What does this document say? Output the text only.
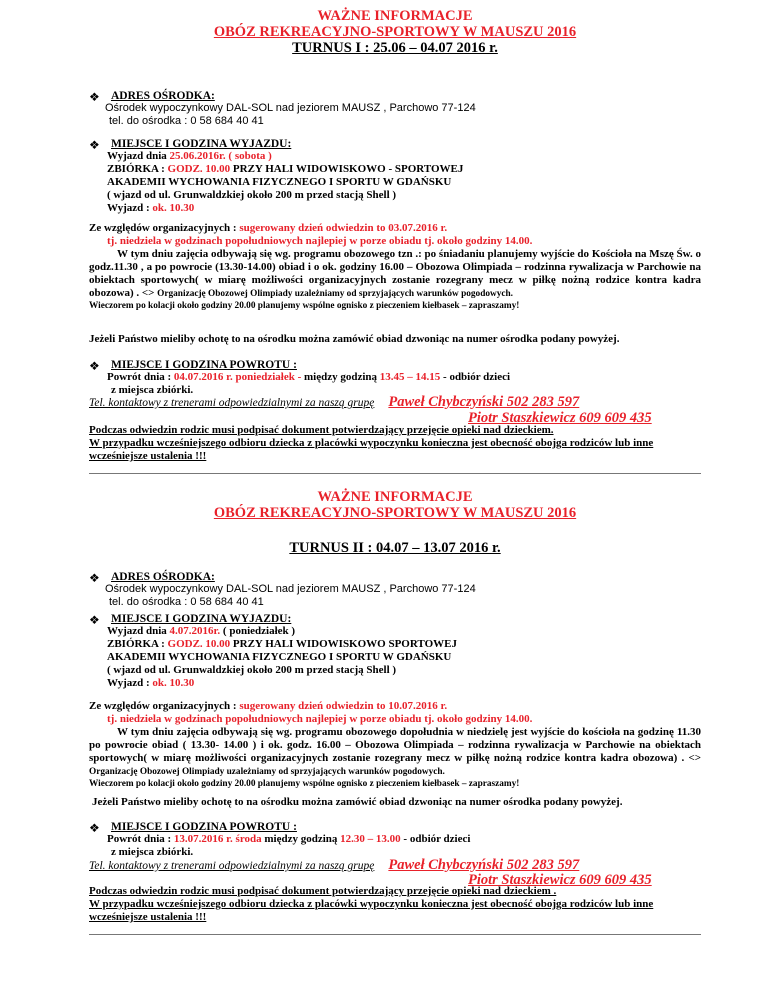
WAŻNE INFORMACJE
OBÓZ REKREACYJNO-SPORTOWY W MAUSZU 2016
TURNUS I : 25.06 – 04.07 2016 r.
❖ ADRES OŚRODKA:
Ośrodek wypoczynkowy DAL-SOL nad jeziorem MAUSZ , Parchowo 77-124
tel. do ośrodka : 0 58 684 40 41
❖ MIEJSCE I GODZINA WYJAZDU:
Wyjazd dnia 25.06.2016r. ( sobota )
ZBIÓRKA : GODZ. 10.00 PRZY HALI WIDOWISKOWO - SPORTOWEJ
AKADEMII WYCHOWANIA FIZYCZNEGO I SPORTU W GDAŃSKU
( wjazd od ul. Grunwaldzkiej około 200 m przed stacją Shell )
Wyjazd : ok. 10.30
Ze względów organizacyjnych : sugerowany dzień odwiedzin to 03.07.2016 r.
tj. niedziela w godzinach popołudniowych najlepiej w porze obiadu tj. około godziny 14.00.
W tym dniu zajęcia odbywają się wg. programu obozowego tzn .: po śniadaniu planujemy wyjście do Kościoła na Mszę Św. o godz.11.30 , a po powrocie (13.30-14.00) obiad i o ok. godziny 16.00 – Obozowa Olimpiada – rodzinna rywalizacja w Parchowie na obiektach sportowych( w miarę możliwości organizacyjnych zostanie rozegrany mecz w piłkę nożną rodzice kontra kadra obozowa) . <> Organizację Obozowej Olimpiady uzależniamy od sprzyjających warunków pogodowych.
Wieczorem po kolacji około godziny 20.00 planujemy wspólne ognisko z pieczeniem kiełbasek – zapraszamy!
Jeżeli Państwo mieliby ochotę to na ośrodku można zamówić obiad dzwoniąc na numer ośrodka podany powyżej.
❖ MIEJSCE I GODZINA POWROTU :
Powrót dnia : 04.07.2016 r. poniedziałek - między godziną 13.45 – 14.15 - odbiór dzieci
z miejsca zbiórki.
Tel. kontaktowy z trenerami odpowiedzialnymi za naszą grupę Paweł Chybczyński 502 283 597
Piotr Staszkiewicz 609 609 435
Podczas odwiedzin rodzic musi podpisać dokument potwierdzający przejęcie opieki nad dzieckiem.
W przypadku wcześniejszego odbioru dziecka z placówki wypoczynku konieczna jest obecność obojga rodziców lub inne wcześniejsze ustalenia !!!
WAŻNE INFORMACJE
OBÓZ REKREACYJNO-SPORTOWY W MAUSZU 2016
TURNUS II : 04.07 – 13.07 2016 r.
❖ ADRES OŚRODKA:
Ośrodek wypoczynkowy DAL-SOL nad jeziorem MAUSZ , Parchowo 77-124
tel. do ośrodka : 0 58 684 40 41
❖ MIEJSCE I GODZINA WYJAZDU:
Wyjazd dnia 4.07.2016r. ( poniedziałek )
ZBIÓRKA : GODZ. 10.00 PRZY HALI WIDOWISKOWO SPORTOWEJ
AKADEMII WYCHOWANIA FIZYCZNEGO I SPORTU W GDAŃSKU
( wjazd od ul. Grunwaldzkiej około 200 m przed stacją Shell )
Wyjazd : ok. 10.30
Ze względów organizacyjnych : sugerowany dzień odwiedzin to 10.07.2016 r.
tj. niedziela w godzinach popołudniowych najlepiej w porze obiadu tj. około godziny 14.00.
W tym dniu zajęcia odbywają się wg. programu obozowego dopołudnia w niedzielę jest wyjście do kościoła na godzinę 11.30 po powrocie obiad ( 13.30- 14.00 ) i ok. godz. 16.00 – Obozowa Olimpiada – rodzinna rywalizacja w Parchowie na obiektach sportowych( w miarę możliwości organizacyjnych zostanie rozegrany mecz w piłkę nożną rodzice kontra kadra obozowa) . <> Organizację Obozowej Olimpiady uzależniamy od sprzyjających warunków pogodowych.
Wieczorem po kolacji około godziny 20.00 planujemy wspólne ognisko z pieczeniem kiełbasek – zapraszamy!
Jeżeli Państwo mieliby ochotę to na ośrodku można zamówić obiad dzwoniąc na numer ośrodka podany powyżej.
❖ MIEJSCE I GODZINA POWROTU :
Powrót dnia : 13.07.2016 r. środa między godziną 12.30 – 13.00 - odbiór dzieci
z miejsca zbiórki.
Tel. kontaktowy z trenerami odpowiedzialnymi za naszą grupę Paweł Chybczyński 502 283 597
Piotr Staszkiewicz 609 609 435
Podczas odwiedzin rodzic musi podpisać dokument potwierdzający przejęcie opieki nad dzieckiem .
W przypadku wcześniejszego odbioru dziecka z placówki wypoczynku konieczna jest obecność obojga rodziców lub inne wcześniejsze ustalenia !!!
